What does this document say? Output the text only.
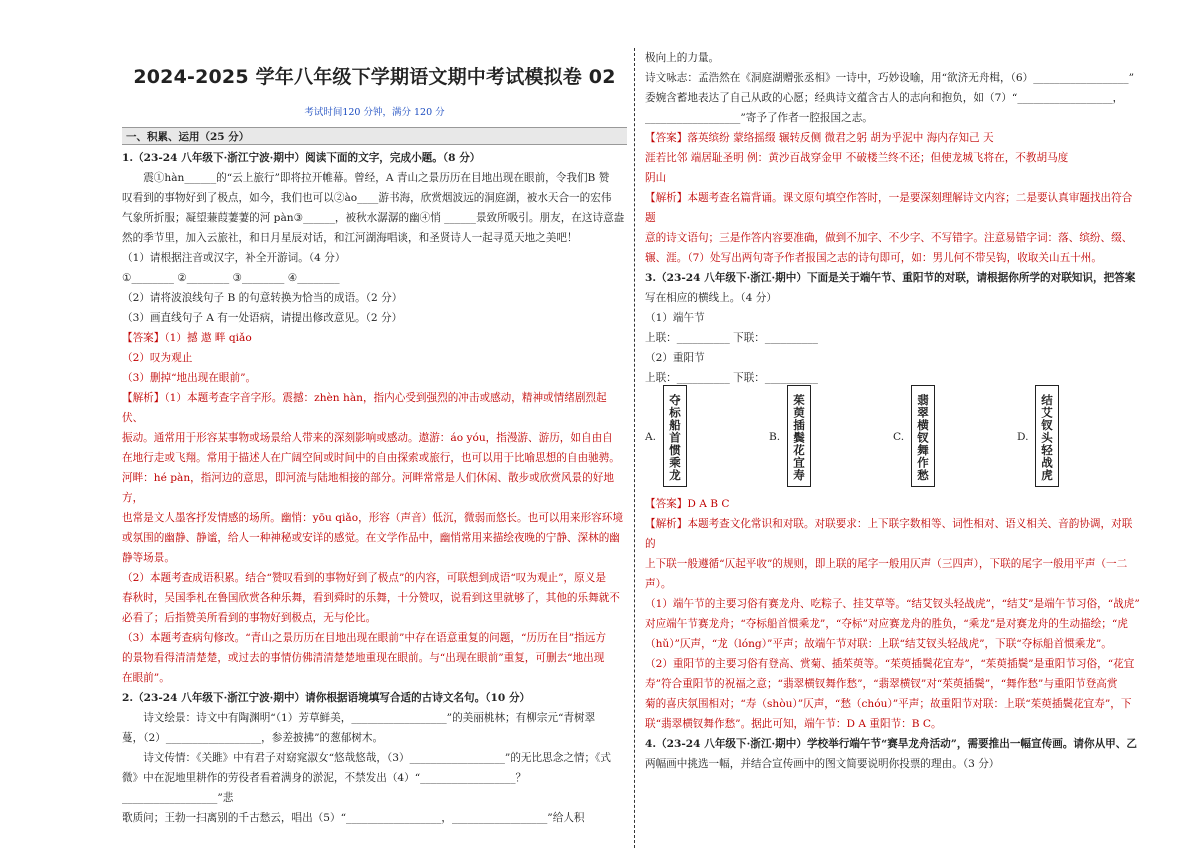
2024-2025 学年八年级下学期语文期中考试模拟卷 02
考试时间120 分钟，满分 120 分
一、积累、运用（25 分）

1.（23-24 八年级下·浙江宁波·期中）阅读下面的文字，完成小题。（8 分）

震①hàn______的“云上旅行”即将拉开帷幕。曾经，A 青山之景历历在目地出现在眼前，令我们B 赞

叹看到的事物好到了极点，如今，我们也可以②ào____游书海，欣赏烟波远的洞庭湖，被水天合一的宏伟

气象所折服；凝望蒹葭萋萋的河 pàn③______，被秋水潺潺的幽④悄 ______景致所吸引。朋友，在这诗意盎

然的季节里，加入云旅社，和日月星辰对话，和江河湖海唱谈，和圣贤诗人一起寻觅天地之美吧！

（1）请根据注音或汉字，补全开游词。（4 分）

①________ ②________ ③________ ④________

（2）请将波浪线句子 B 的句意转换为恰当的成语。（2 分）

（3）画直线句子 A 有一处语病，请提出修改意见。（2 分）

【答案】（1）撼 遨 畔 qiǎo

（2）叹为观止

（3）删掉“地出现在眼前”。

【解析】（1）本题考查字音字形。震撼：zhèn hàn，指内心受到强烈的冲击或感动，精神或情绪剧烈起伏、

振动。通常用于形容某事物或场景给人带来的深刻影响或感动。遨游：áo yóu，指漫游、游历，如自由自

在地行走或飞翔。常用于描述人在广阔空间或时间中的自由探索或旅行，也可以用于比喻思想的自由驰骋。

河畔：hé pàn，指河边的意思，即河流与陆地相接的部分。河畔常常是人们休闲、散步或欣赏风景的好地方，

也常是文人墨客抒发情感的场所。幽悄：yōu qiǎo，形容（声音）低沉，微弱而悠长。也可以用来形容环境

或氛围的幽静、静谧，给人一种神秘或安详的感觉。在文学作品中，幽悄常用来描绘夜晚的宁静、深林的幽

静等场景。

（2）本题考查成语积累。结合“赞叹看到的事物好到了极点”的内容，可联想到成语“叹为观止”，原义是

春秋时，吴国季札在鲁国欣赏各种乐舞，看到舜时的乐舞，十分赞叹，说看到这里就够了，其他的乐舞就不

必看了；后指赞美所看到的事物好到极点，无与伦比。

（3）本题考查病句修改。“青山之景历历在目地出现在眼前”中存在语意重复的问题，“历历在目”指远方

的景物看得清清楚楚，或过去的事情仿佛清清楚楚地重现在眼前。与“出现在眼前”重复，可删去“地出现

在眼前”。

2.（23-24 八年级下·浙江宁波·期中）请你根据语境填写合适的古诗文名句。（10 分）

诗文绘景：诗文中有陶渊明“（1）芳草鲜美，__________________”的美丽桃林；有柳宗元“青树翠

蔓，（2）__________________，参差披拂”的葱郁树木。

诗文传情：《关雎》中有君子对窈窕淑女“悠哉悠哉，（3）__________________”的无比思念之情；《式

微》中在泥地里耕作的劳役者看着满身的淤泥，不禁发出（4）“__________________？__________________”悲

歌质问；王勃一扫离别的千古愁云，唱出（5）“__________________，__________________”给人积

极向上的力量。

诗文咏志：孟浩然在《洞庭湖赠张丞相》一诗中，巧妙设喻，用“欲济无舟楫，（6）__________________”

委婉含蓄地表达了自己从政的心愿；经典诗文蕴含古人的志向和抱负，如（7）“__________________，

__________________”寄予了作者一腔报国之志。

【答案】落英缤纷 蒙络摇缀 辗转反侧 微君之躬 胡为乎泥中 海内存知己 天

涯若比邻 端居耻圣明 例：黄沙百战穿金甲 不破楼兰终不还；但使龙城飞将在，不教胡马度

阴山

【解析】本题考查名篇背诵。课文原句填空作答时，一是要深刻理解诗文内容；二是要认真审题找出符合题

意的诗文语句；三是作答内容要准确，做到不加字、不少字、不写错字。注意易错字词：落、缤纷、缀、

辗、涯。（7）处写出两句寄予作者报国之志的诗句即可，如：男儿何不带吴钩，收取关山五十州。

3.（23-24 八年级下·浙江·期中）下面是关于端午节、重阳节的对联，请根据你所学的对联知识，把答案

写在相应的横线上。（4 分）

（1）端午节

上联：__________ 下联：__________

（2）重阳节

上联：__________ 下联：__________

A.	夺标船首惯乘龙	B.	茱萸插鬓花宜寿	C.	翡翠横钗舞作愁	D.	结艾钗头轻战虎

【答案】D A B C

【解析】本题考查文化常识和对联。对联要求：上下联字数相等、词性相对、语义相关、音韵协调，对联的

上下联一般遵循“仄起平收”的规则，即上联的尾字一般用仄声（三四声），下联的尾字一般用平声（一二

声）。

（1）端午节的主要习俗有赛龙舟、吃粽子、挂艾草等。“结艾钗头轻战虎”，“结艾”是端午节习俗，“战虎”

对应端午节赛龙舟；“夺标船首惯乘龙”，“夺标”对应赛龙舟的胜负，“乘龙”是对赛龙舟的生动描绘；“虎

（hǔ）”仄声，“龙（lóng）”平声；故端午节对联：上联“结艾钗头轻战虎”，下联“夺标船首惯乘龙”。

（2）重阳节的主要习俗有登高、赏菊、插茱萸等。“茱萸插鬓花宜寿”，“茱萸插鬓”是重阳节习俗，“花宜

寿”符合重阳节的祝福之意；“翡翠横钗舞作愁”，“翡翠横钗”对“茱萸插鬓”，“舞作愁”与重阳节登高赏

菊的喜庆氛围相对；“寿（shòu）”仄声，“愁（chóu）”平声；故重阳节对联：上联“茱萸插鬓花宜寿”，下

联“翡翠横钗舞作愁”。据此可知，端午节：D A 重阳节：B C。

4.（23-24 八年级下·浙江·期中）学校举行端午节“赛旱龙舟活动”，需要推出一幅宣传画。请你从甲、乙

两幅画中挑选一幅，并结合宣传画中的图文简要说明你投票的理由。（3 分）
